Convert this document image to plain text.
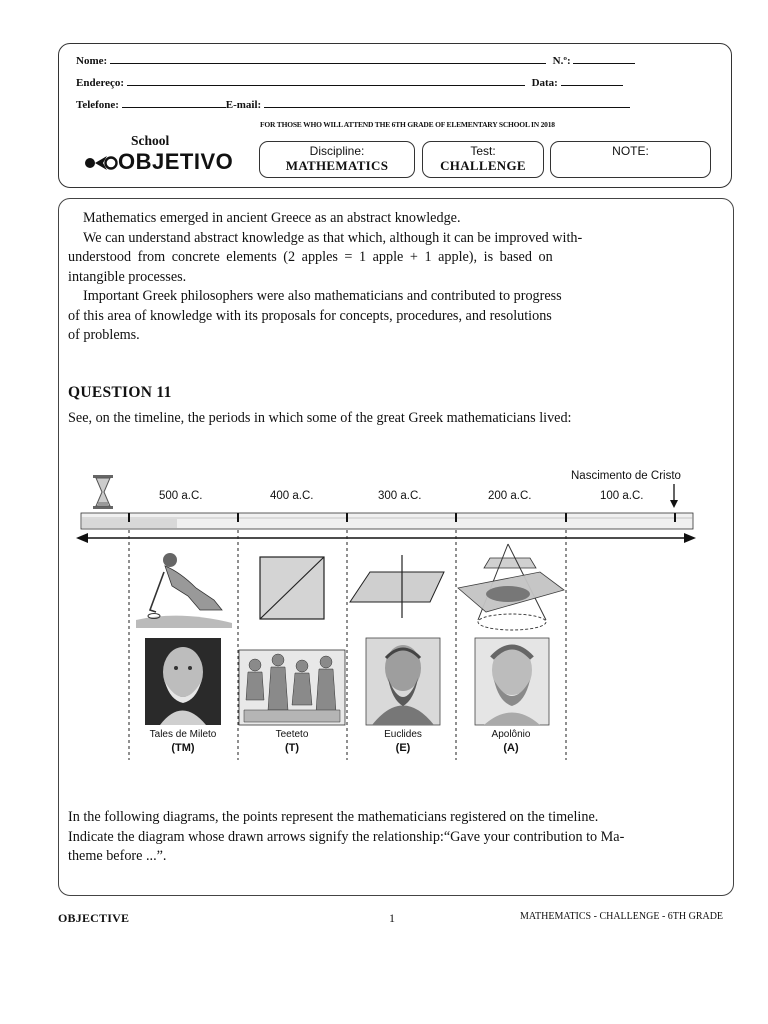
Nome:	N.º:
Endereço:	Data:
Telefone:	E-mail:
FOR THOSE WHO WILL ATTEND THE 6TH GRADE OF ELEMENTARY SCHOOL IN 2018
School
OBJETIVO	Discipline:
MATHEMATICS
Test:
CHALLENGE
NOTE:
Mathematics emerged in ancient Greece as an abstract knowledge.
We can understand abstract knowledge as that which, although it can be improved with-
understood from concrete elements (2 apples = 1 apple + 1 apple), is based on
intangible processes.
Important Greek philosophers were also mathematicians and contributed to progress
of this area of knowledge with its proposals for concepts, procedures, and resolutions
of problems.
QUESTION 11
See, on the timeline, the periods in which some of the great Greek mathematicians lived:
Nascimento de Cristo
500 a.C.	400 a.C.	300 a.C.	200 a.C.	100 a.C.
Tales de Mileto
(TM)
Teeteto
(T)
Euclides
(E)
Apolônio
(A)
In the following diagrams, the points represent the mathematicians registered on the timeline.
Indicate the diagram whose drawn arrows signify the relationship:“Gave your contribution to Ma-
theme before ...”.
OBJECTIVE	1	MATHEMATICS - CHALLENGE - 6TH GRADE
